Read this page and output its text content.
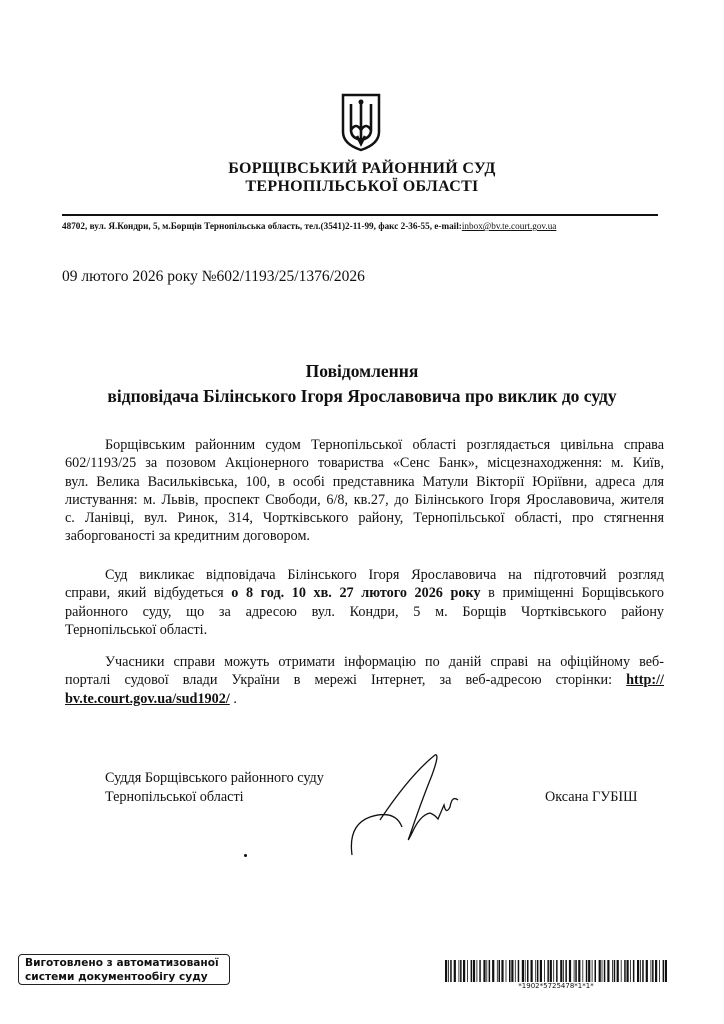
БОРЩІВСЬКИЙ РАЙОННИЙ СУД
ТЕРНОПІЛЬСЬКОЇ ОБЛАСТІ
48702, вул. Я.Кондри, 5, м.Борщів Тернопільська область, тел.(3541)2-11-99, факс 2-36-55, e-mail:inbox@bv.te.court.gov.ua
09 лютого 2026 року №602/1193/25/1376/2026
Повідомлення
відповідача Білінського Ігоря Ярославовича про виклик до суду
Борщівським районним судом Тернопільської області розглядається цивільна справа
602/1193/25 за позовом Акціонерного товариства «Сенс Банк», місцезнаходження: м. Київ,
вул. Велика Васильківська, 100, в особі представника Матули Вікторії Юріївни, адреса для
листування: м. Львів, проспект Свободи, 6/8, кв.27, до Білінського Ігоря Ярославовича, жителя
с. Ланівці, вул. Ринок, 314, Чортківського району, Тернопільської області, про стягнення
заборгованості за кредитним договором.
Суд викликає відповідача Білінського Ігоря Ярославовича на підготовчий розгляд
справи, який відбудеться о 8 год. 10 хв. 27 лютого 2026 року в приміщенні Борщівського
районного суду, що за адресою вул. Кондри, 5 м. Борщів Чортківського району
Тернопільської області.
Учасники справи можуть отримати інформацію по даній справі на офіційному веб-
порталі судової влади України в мережі Інтернет, за веб-адресою сторінки: http://
bv.te.court.gov.ua/sud1902/ .
Суддя Борщівського районного суду
Тернопільської області	Оксана ГУБІШ
Виготовлено з автоматизованої
системи документообігу суду
*1902*5725478*1*1*
